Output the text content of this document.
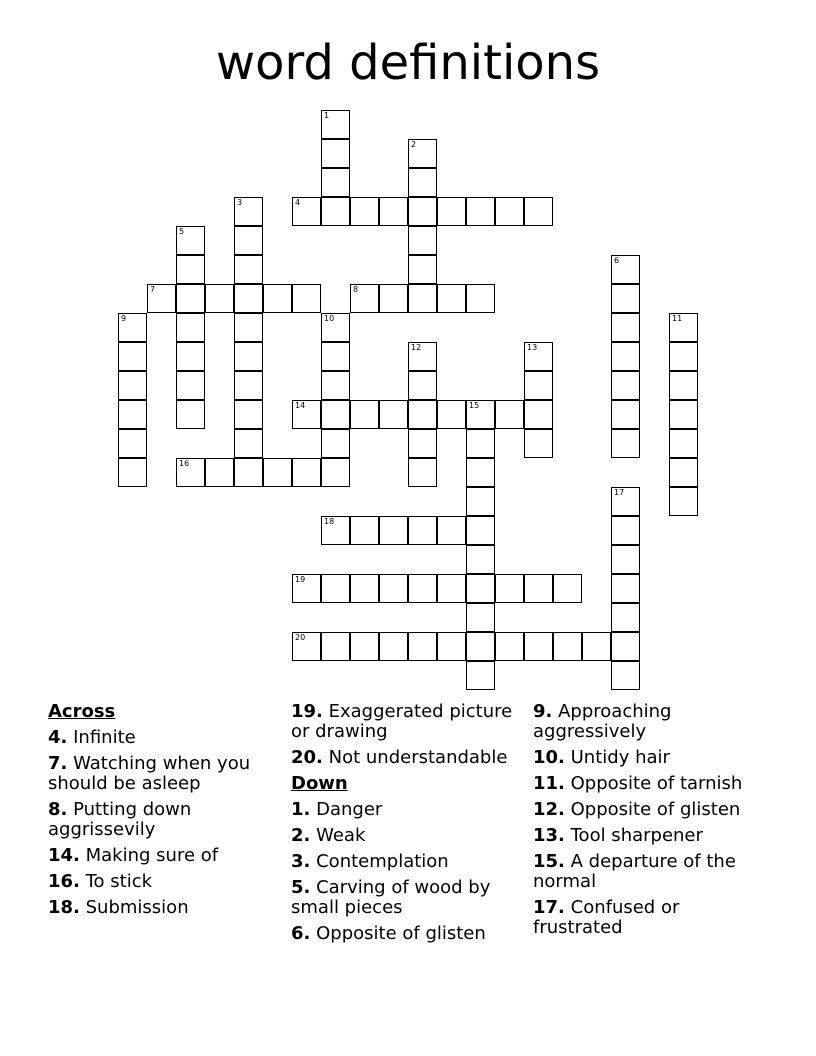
word definitions
1
2
3	4
5
6
7	8
9	10	11
12	13
14	15
16
17
18
19
20
Across
4. Infinite
7. Watching when you should be asleep
8. Putting down aggrissevily
14. Making sure of
16. To stick
18. Submission
19. Exaggerated picture or drawing
20. Not understandable
Down
1. Danger
2. Weak
3. Contemplation
5. Carving of wood by small pieces
6. Opposite of glisten
9. Approaching aggressively
10. Untidy hair
11. Opposite of tarnish
12. Opposite of glisten
13. Tool sharpener
15. A departure of the normal
17. Confused or frustrated
